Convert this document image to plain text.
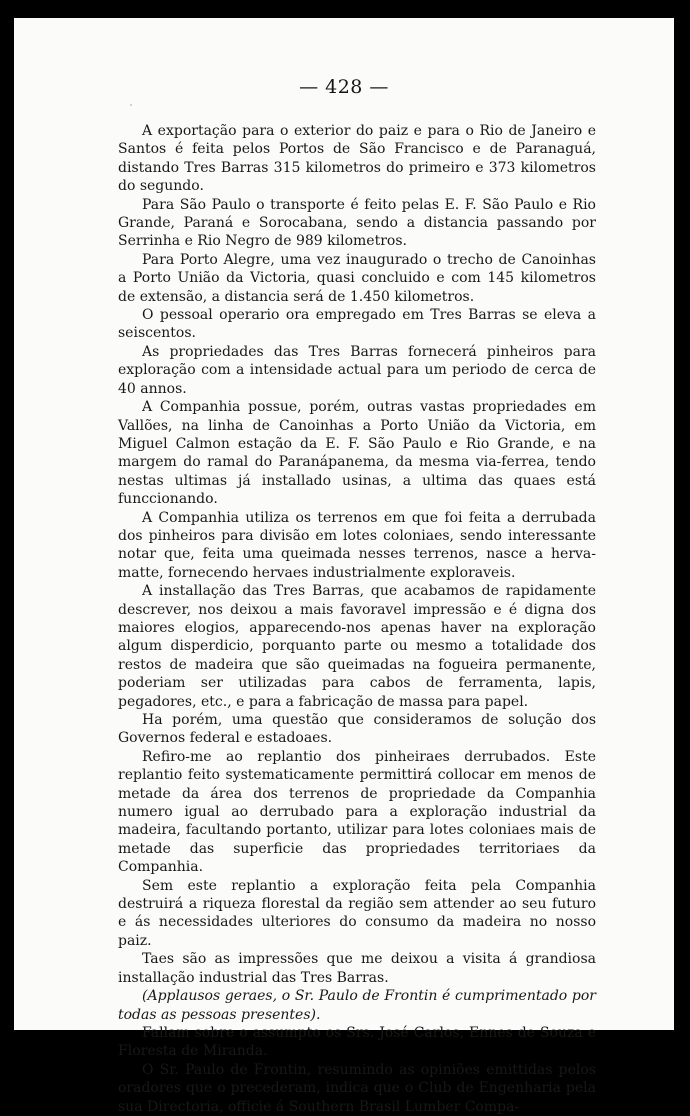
— 428 —

A exportação para o exterior do paiz e para o Rio de Janeiro e Santos é feita pelos Portos de São Francisco e de Paranaguá, distando Tres Barras 315 kilometros do primeiro e 373 kilometros do segundo.

Para São Paulo o transporte é feito pelas E. F. São Paulo e Rio Grande, Paraná e Sorocabana, sendo a distancia passando por Serrinha e Rio Negro de 989 kilometros.

Para Porto Alegre, uma vez inaugurado o trecho de Canoinhas a Porto União da Victoria, quasi concluido e com 145 kilometros de extensão, a distancia será de 1.450 kilometros.

O pessoal operario ora empregado em Tres Barras se eleva a seiscentos.

As propriedades das Tres Barras fornecerá pinheiros para exploração com a intensidade actual para um periodo de cerca de 40 annos.

A Companhia possue, porém, outras vastas propriedades em Vallões, na linha de Canoinhas a Porto União da Victoria, em Miguel Calmon estação da E. F. São Paulo e Rio Grande, e na margem do ramal do Paranápanema, da mesma via-ferrea, tendo nestas ultimas já installado usinas, a ultima das quaes está funccionando.

A Companhia utiliza os terrenos em que foi feita a derrubada dos pinheiros para divisão em lotes coloniaes, sendo interessante notar que, feita uma queimada nesses terrenos, nasce a herva-matte, fornecendo hervaes industrialmente exploraveis.

A installação das Tres Barras, que acabamos de rapidamente descrever, nos deixou a mais favoravel impressão e é digna dos maiores elogios, apparecendo-nos apenas haver na exploração algum disperdicio, porquanto parte ou mesmo a totalidade dos restos de madeira que são queimadas na fogueira permanente, poderiam ser utilizadas para cabos de ferramenta, lapis, pegadores, etc., e para a fabricação de massa para papel.

Ha porém, uma questão que consideramos de solução dos Governos federal e estadoaes.

Refiro-me ao replantio dos pinheiraes derrubados. Este replantio feito systematicamente permittirá collocar em menos de metade da área dos terrenos de propriedade da Companhia numero igual ao derrubado para a exploração industrial da madeira, facultando portanto, utilizar para lotes coloniaes mais de metade das superficie das propriedades territoriaes da Companhia.

Sem este replantio a exploração feita pela Companhia destruirá a riqueza florestal da região sem attender ao seu futuro e ás necessidades ulteriores do consumo da madeira no nosso paiz.

Taes são as impressões que me deixou a visita á grandiosa installação industrial das Tres Barras.

(Applausos geraes, o Sr. Paulo de Frontin é cumprimentado por todas as pessoas presentes).

Fallam sobre o assumpto os Srs. José Carlos, Ennes de Souza e Floresta de Miranda.

O Sr. Paulo de Frontin, resumindo as opiniões emittidas pelos oradores que o precederam, indica que o Club de Engenharia pela sua Directoria, officie á Southern Brasil Lumber Compa-
